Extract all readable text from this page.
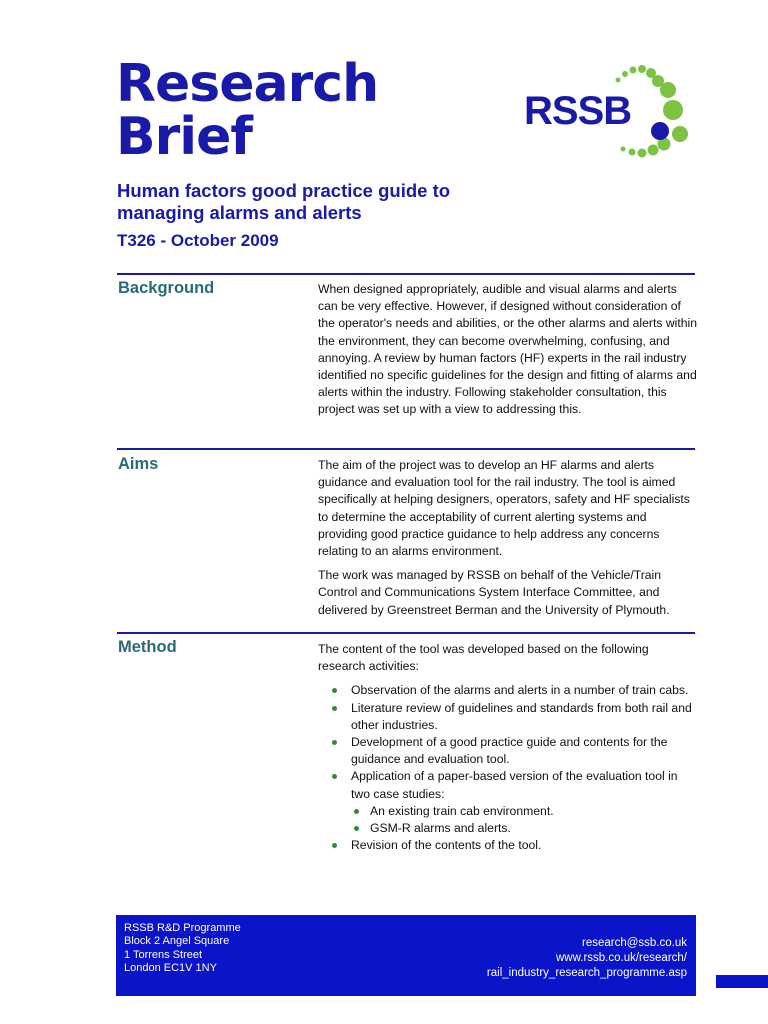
Research
Brief	RSSB
Human factors good practice guide to
managing alarms and alerts
T326 - October 2009
Background	When designed appropriately, audible and visual alarms and alerts can be very effective. However, if designed without consideration of the operator's needs and abilities, or the other alarms and alerts within the environment, they can become overwhelming, confusing, and annoying. A review by human factors (HF) experts in the rail industry identified no specific guidelines for the design and fitting of alarms and alerts within the industry. Following stakeholder consultation, this project was set up with a view to addressing this.

Aims	The aim of the project was to develop an HF alarms and alerts guidance and evaluation tool for the rail industry. The tool is aimed specifically at helping designers, operators, safety and HF specialists to determine the acceptability of current alerting systems and providing good practice guidance to help address any concerns relating to an alarms environment.

The work was managed by RSSB on behalf of the Vehicle/Train Control and Communications System Interface Committee, and delivered by Greenstreet Berman and the University of Plymouth.

Method	The content of the tool was developed based on the following research activities:

Observation of the alarms and alerts in a number of train cabs.
Literature review of guidelines and standards from both rail and other industries.
Development of a good practice guide and contents for the guidance and evaluation tool.
Application of a paper-based version of the evaluation tool in two case studies:
An existing train cab environment.
GSM-R alarms and alerts.
Revision of the contents of the tool.
RSSB R&D Programme
Block 2 Angel Square
1 Torrens Street
London EC1V 1NY
research@ssb.co.uk
www.rssb.co.uk/research/
rail_industry_research_programme.asp
